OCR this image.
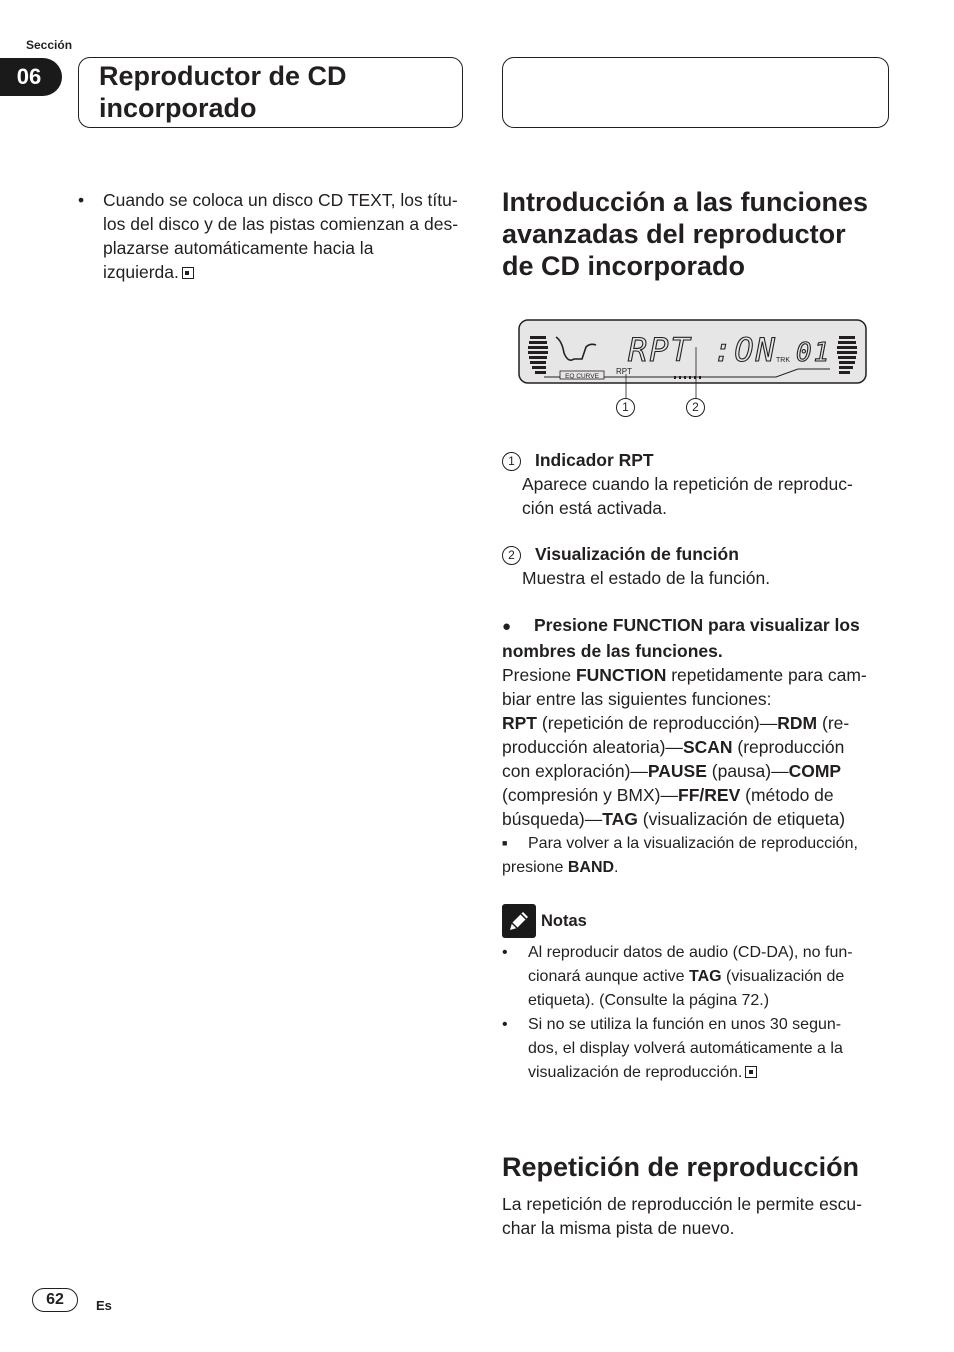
Sección
06	Reproductor de CD
incorporado
• Cuando se coloca un disco CD TEXT, los títu-
los del disco y de las pistas comienzan a des-
plazarse automáticamente hacia la
izquierda.
Introducción a las funciones
avanzadas del reproductor
de CD incorporado
EQ CURVE
RPT
RPT :ON TRK 01
1	2
1 Indicador RPT
Aparece cuando la repetición de reproduc-
ción está activada.
2 Visualización de función
Muestra el estado de la función.
● Presione FUNCTION para visualizar los
nombres de las funciones.
Presione FUNCTION repetidamente para cam-
biar entre las siguientes funciones:
RPT (repetición de reproducción)—RDM (re-
producción aleatoria)—SCAN (reproducción
con exploración)—PAUSE (pausa)—COMP
(compresión y BMX)—FF/REV (método de
búsqueda)—TAG (visualización de etiqueta)
■ Para volver a la visualización de reproducción,
presione BAND.
Notas
• Al reproducir datos de audio (CD-DA), no fun-
cionará aunque active TAG (visualización de
etiqueta). (Consulte la página 72.)
• Si no se utiliza la función en unos 30 segun-
dos, el display volverá automáticamente a la
visualización de reproducción.
Repetición de reproducción
La repetición de reproducción le permite escu-
char la misma pista de nuevo.
62	Es
